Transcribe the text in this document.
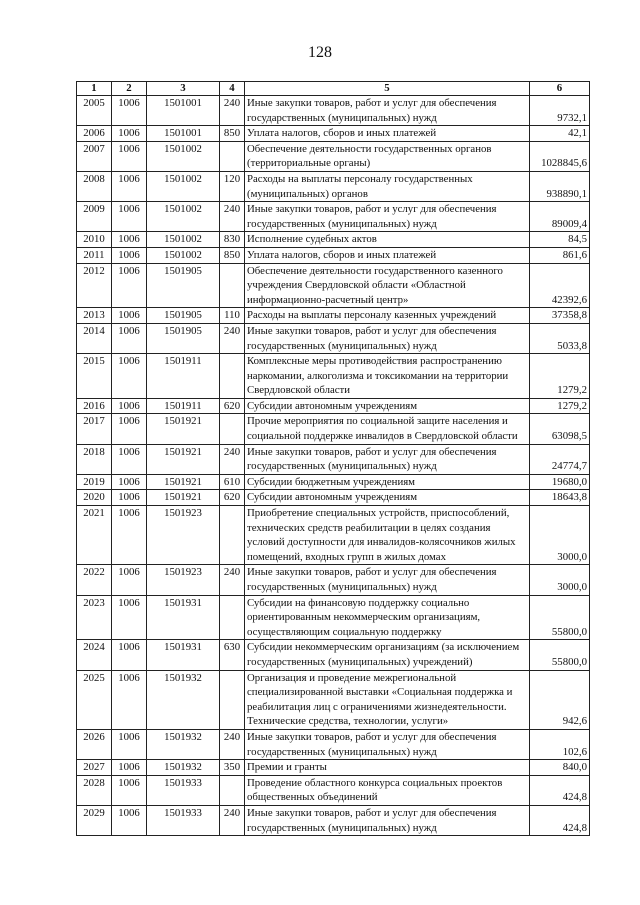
128
1	2	3	4	5	6
2005	1006	1501001	240	Иные закупки товаров, работ и услуг для обеспечения государственных (муниципальных) нужд	9732,1
2006	1006	1501001	850	Уплата налогов, сборов и иных платежей	42,1
2007	1006	1501002		Обеспечение деятельности государственных органов (территориальные органы)	1028845,6
2008	1006	1501002	120	Расходы на выплаты персоналу государственных (муниципальных) органов	938890,1
2009	1006	1501002	240	Иные закупки товаров, работ и услуг для обеспечения государственных (муниципальных) нужд	89009,4
2010	1006	1501002	830	Исполнение судебных актов	84,5
2011	1006	1501002	850	Уплата налогов, сборов и иных платежей	861,6
2012	1006	1501905		Обеспечение деятельности государственного казенного учреждения Свердловской области «Областной информационно-расчетный центр»	42392,6
2013	1006	1501905	110	Расходы на выплаты персоналу казенных учреждений	37358,8
2014	1006	1501905	240	Иные закупки товаров, работ и услуг для обеспечения государственных (муниципальных) нужд	5033,8
2015	1006	1501911		Комплексные меры противодействия распространению наркомании, алкоголизма и токсикомании на территории Свердловской области	1279,2
2016	1006	1501911	620	Субсидии автономным учреждениям	1279,2
2017	1006	1501921		Прочие мероприятия по социальной защите населения и социальной поддержке инвалидов в Свердловской области	63098,5
2018	1006	1501921	240	Иные закупки товаров, работ и услуг для обеспечения государственных (муниципальных) нужд	24774,7
2019	1006	1501921	610	Субсидии бюджетным учреждениям	19680,0
2020	1006	1501921	620	Субсидии автономным учреждениям	18643,8
2021	1006	1501923		Приобретение специальных устройств, приспособлений, технических средств реабилитации в целях создания условий доступности для инвалидов-колясочников жилых помещений, входных групп в жилых домах	3000,0
2022	1006	1501923	240	Иные закупки товаров, работ и услуг для обеспечения государственных (муниципальных) нужд	3000,0
2023	1006	1501931		Субсидии на финансовую поддержку социально ориентированным некоммерческим организациям, осуществляющим социальную поддержку	55800,0
2024	1006	1501931	630	Субсидии некоммерческим организациям (за исключением государственных (муниципальных) учреждений)	55800,0
2025	1006	1501932		Организация и проведение межрегиональной специализированной выставки «Социальная поддержка и реабилитация лиц с ограничениями жизнедеятельности. Технические средства, технологии, услуги»	942,6
2026	1006	1501932	240	Иные закупки товаров, работ и услуг для обеспечения государственных (муниципальных) нужд	102,6
2027	1006	1501932	350	Премии и гранты	840,0
2028	1006	1501933		Проведение областного конкурса социальных проектов общественных объединений	424,8
2029	1006	1501933	240	Иные закупки товаров, работ и услуг для обеспечения государственных (муниципальных) нужд	424,8
